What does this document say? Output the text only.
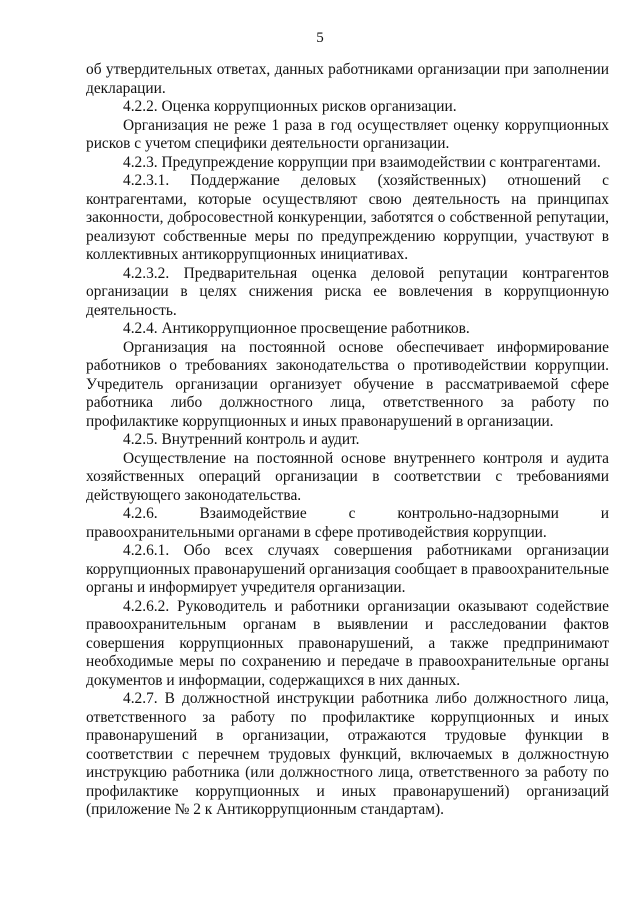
5

об утвердительных ответах, данных работниками организации при заполнении декларации.

4.2.2. Оценка коррупционных рисков организации.

Организация не реже 1 раза в год осуществляет оценку коррупционных рисков с учетом специфики деятельности организации.

4.2.3. Предупреждение коррупции при взаимодействии с контрагентами.

4.2.3.1. Поддержание деловых (хозяйственных) отношений с контрагентами, которые осуществляют свою деятельность на принципах законности, добросовестной конкуренции, заботятся о собственной репутации, реализуют собственные меры по предупреждению коррупции, участвуют в коллективных антикоррупционных инициативах.

4.2.3.2. Предварительная оценка деловой репутации контрагентов организации в целях снижения риска ее вовлечения в коррупционную деятельность.

4.2.4. Антикоррупционное просвещение работников.

Организация на постоянной основе обеспечивает информирование работников о требованиях законодательства о противодействии коррупции. Учредитель организации организует обучение в рассматриваемой сфере работника либо должностного лица, ответственного за работу по профилактике коррупционных и иных правонарушений в организации.

4.2.5. Внутренний контроль и аудит.

Осуществление на постоянной основе внутреннего контроля и аудита хозяйственных операций организации в соответствии с требованиями действующего законодательства.

4.2.6. Взаимодействие с контрольно-надзорными и правоохранительными органами в сфере противодействия коррупции.

4.2.6.1. Обо всех случаях совершения работниками организации коррупционных правонарушений организация сообщает в правоохранительные органы и информирует учредителя организации.

4.2.6.2. Руководитель и работники организации оказывают содействие правоохранительным органам в выявлении и расследовании фактов совершения коррупционных правонарушений, а также предпринимают необходимые меры по сохранению и передаче в правоохранительные органы документов и информации, содержащихся в них данных.

4.2.7. В должностной инструкции работника либо должностного лица, ответственного за работу по профилактике коррупционных и иных правонарушений в организации, отражаются трудовые функции в соответствии с перечнем трудовых функций, включаемых в должностную инструкцию работника (или должностного лица, ответственного за работу по профилактике коррупционных и иных правонарушений) организаций (приложение № 2 к Антикоррупционным стандартам).
